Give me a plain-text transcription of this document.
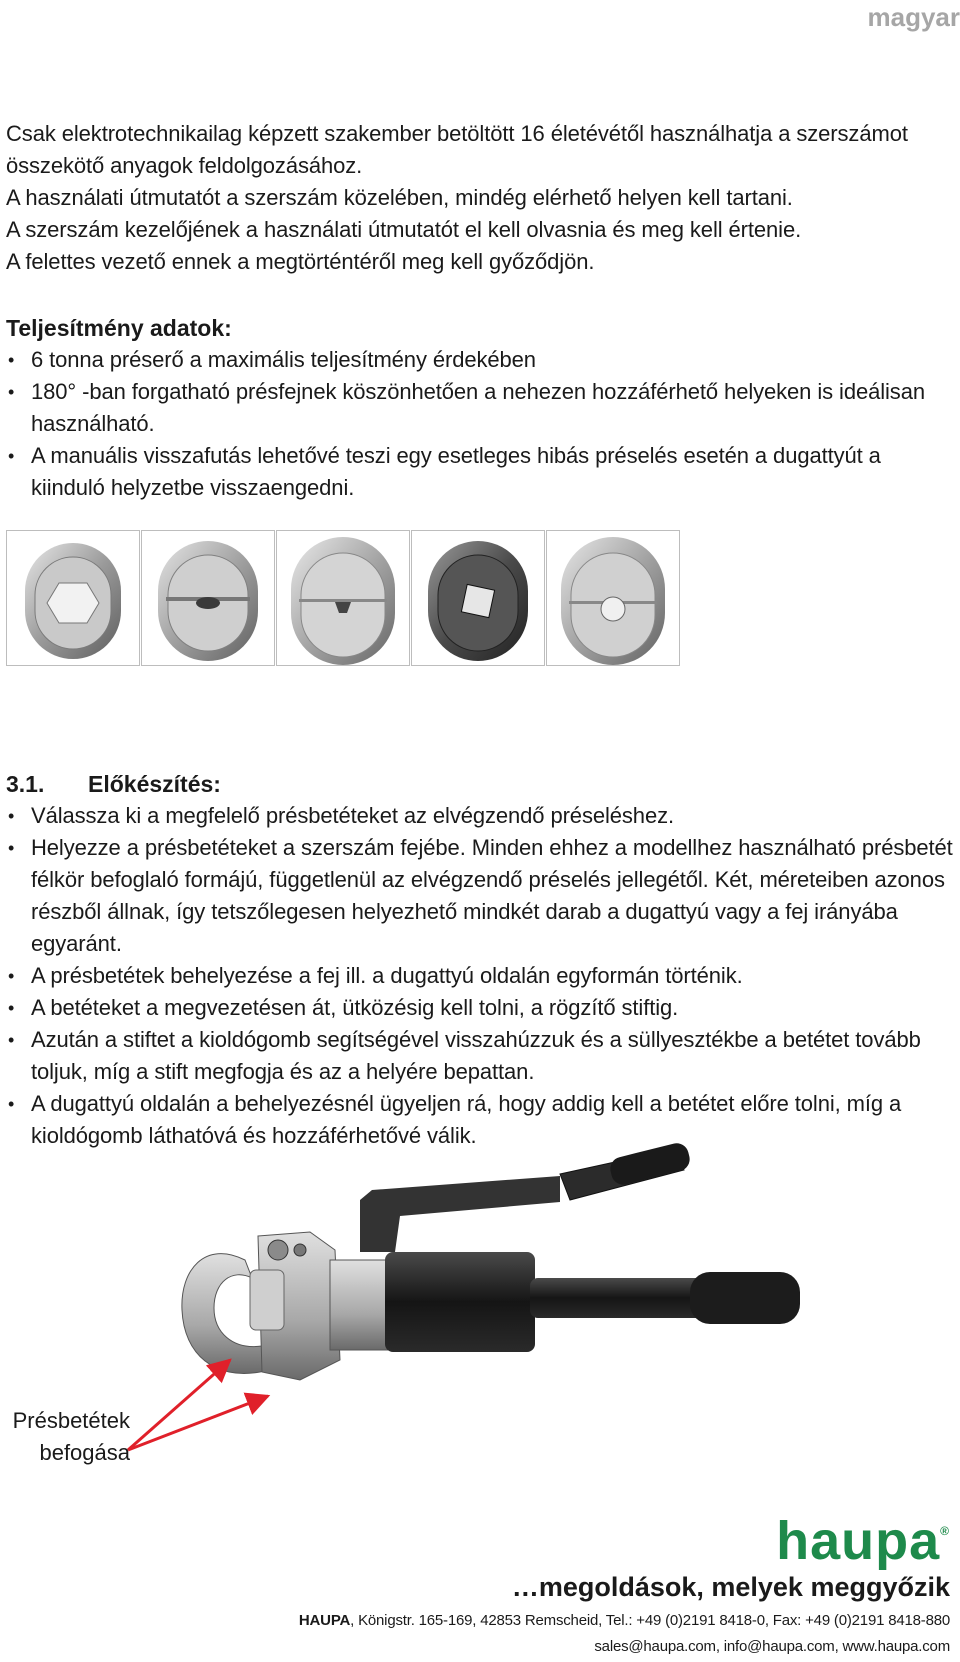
magyar

Csak elektrotechnikailag képzett szakember betöltött 16 életévétől használhatja a szerszámot

összekötő anyagok feldolgozásához.

A használati útmutatót a szerszám közelében, mindég elérhető helyen kell tartani.

A szerszám kezelőjének a használati útmutatót el kell olvasnia és meg kell értenie.

A felettes vezető ennek a megtörténtéről meg kell győződjön.

Teljesítmény adatok:

• 6 tonna préserő a maximális teljesítmény érdekében
• 180° -ban forgatható présfejnek köszönhetően a nehezen hozzáférhető helyeken is ideálisan használható.
• A manuális visszafutás lehetővé teszi egy esetleges hibás préselés esetén a dugattyút a kiinduló helyzetbe visszaengedni.

3.1. Előkészítés:

• Válassza ki a megfelelő présbetéteket az elvégzendő préseléshez.
• Helyezze a présbetéteket a szerszám fejébe. Minden ehhez a modellhez használható présbetét félkör befoglaló formájú, függetlenül az elvégzendő préselés jellegétől. Két, méreteiben azonos részből állnak, így tetszőlegesen helyezhető mindkét darab a dugattyú vagy a fej irányába egyaránt.
• A présbetétek behelyezése a fej ill. a dugattyú oldalán egyformán történik.
• A betéteket a megvezetésen át, ütközésig kell tolni, a rögzítő stiftig.
• Azután a stiftet a kioldógomb segítségével visszahúzzuk és a süllyesztékbe a betétet tovább toljuk, míg a stift megfogja és az a helyére bepattan.
• A dugattyú oldalán a behelyezésnél ügyeljen rá, hogy addig kell a betétet előre tolni, míg a kioldógomb láthatóvá és hozzáférhetővé válik.
Présbetétek
befogása
haupa®
…megoldások, melyek meggyőzik
HAUPA, Königstr. 165-169, 42853 Remscheid, Tel.: +49 (0)2191 8418-0, Fax: +49 (0)2191 8418-880
sales@haupa.com, info@haupa.com, www.haupa.com
